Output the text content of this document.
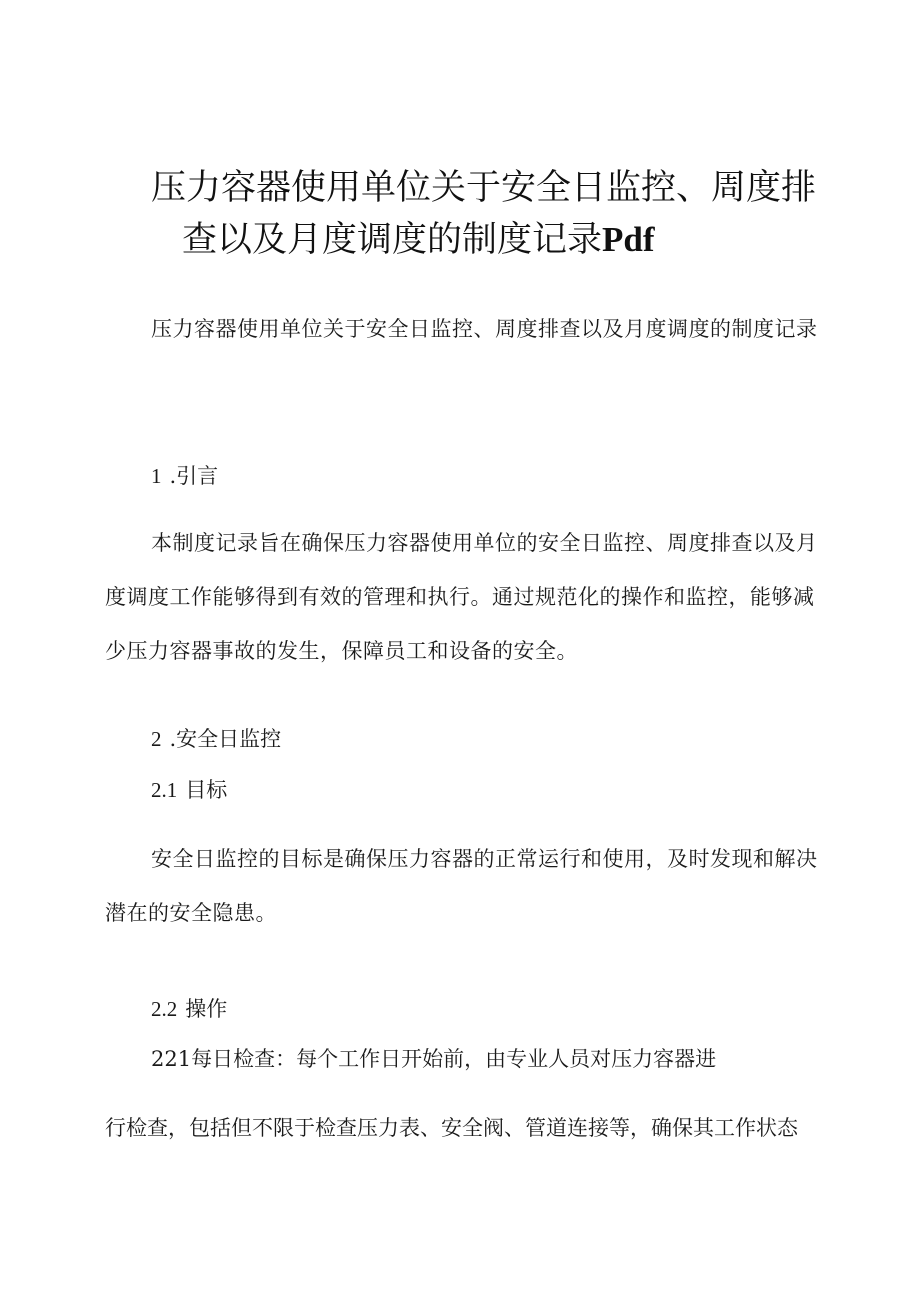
压力容器使用单位关于安全日监控、周度排
查以及月度调度的制度记录Pdf

压力容器使用单位关于安全日监控、周度排查以及月度调度的制度记录

1 .引言

本制度记录旨在确保压力容器使用单位的安全日监控、周度排查以及月度调度工作能够得到有效的管理和执行。通过规范化的操作和监控，能够减少压力容器事故的发生，保障员工和设备的安全。

2 .安全日监控
2.1 目标

安全日监控的目标是确保压力容器的正常运行和使用，及时发现和解决潜在的安全隐患。

2.2 操作
221每日检查：每个工作日开始前，由专业人员对压力容器进
行检查，包括但不限于检查压力表、安全阀、管道连接等，确保其工作状态
